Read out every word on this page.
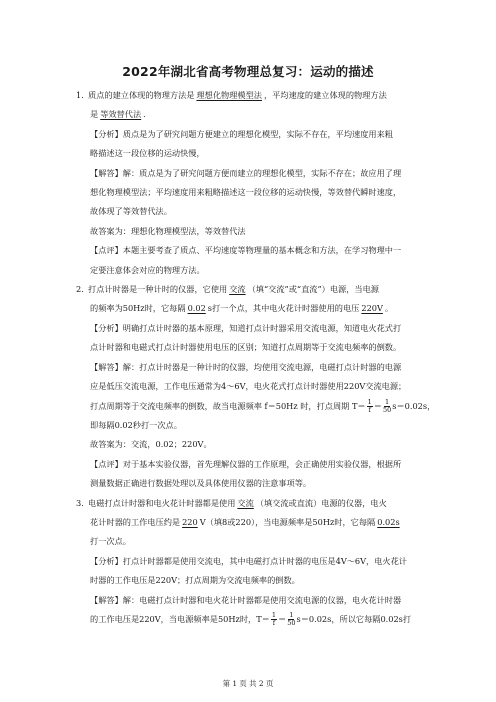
2022年湖北省高考物理总复习：运动的描述
1．质点的建立体现的物理方法是 理想化物理模型法 ，平均速度的建立体现的物理方法
是 等效替代法 ．
【分析】质点是为了研究问题方便建立的理想化模型，实际不存在，平均速度用来粗
略描述这一段位移的运动快慢，
【解答】解：质点是为了研究问题方便而建立的理想化模型，实际不存在；故应用了理
想化物理模型法；平均速度用来粗略描述这一段位移的运动快慢，等效替代瞬时速度，
故体现了等效替代法。
故答案为：理想化物理模型法，等效替代法
【点评】本题主要考查了质点、平均速度等物理量的基本概念和方法，在学习物理中一
定要注意体会对应的物理方法。
2．打点计时器是一种计时的仪器，它使用 交流 （填“交流”或“直流”）电源，当电源
的频率为50Hz时，它每隔 0.02 s打一个点，其中电火花计时器使用的电压 220V 。
【分析】明确打点计时器的基本原理，知道打点计时器采用交流电源，知道电火花式打
点计时器和电磁式打点计时器使用电压的区别；知道打点周期等于交流电频率的倒数。
【解答】解：打点计时器是一种计时的仪器，均使用交流电源，电磁打点计时器的电源
应是低压交流电源，工作电压通常为4～6V，电火花式打点计时器使用220V交流电源；
打点周期等于交流电频率的倒数，故当电源频率 f＝50Hz 时，打点周期 $T= \frac{1}{f} = \frac{1}{50} s=0.02s$，
即每隔0.02秒打一次点。
故答案为：交流，0.02；220V。
【点评】对于基本实验仪器，首先理解仪器的工作原理，会正确使用实验仪器，根据所
测量数据正确进行数据处理以及具体使用仪器的注意事项等。
3．电磁打点计时器和电火花计时器都是使用 交流 （填交流或直流）电源的仪器，电火
花计时器的工作电压约是 220 V（填8或220），当电源频率是50Hz时，它每隔 0.02s
打一次点。
【分析】打点计时器都是使用交流电，其中电磁打点计时器的电压是4V～6V，电火花计
时器的工作电压是220V；打点周期为交流电频率的倒数。
【解答】解：电磁打点计时器和电火花计时器都是使用交流电源的仪器，电火花计时器
的工作电压是220V，当电源频率是50Hz时，$T= \frac{1}{f} = \frac{1}{50} s=0.02s$，所以它每隔0.02s打
第 1 页 共 2 页
